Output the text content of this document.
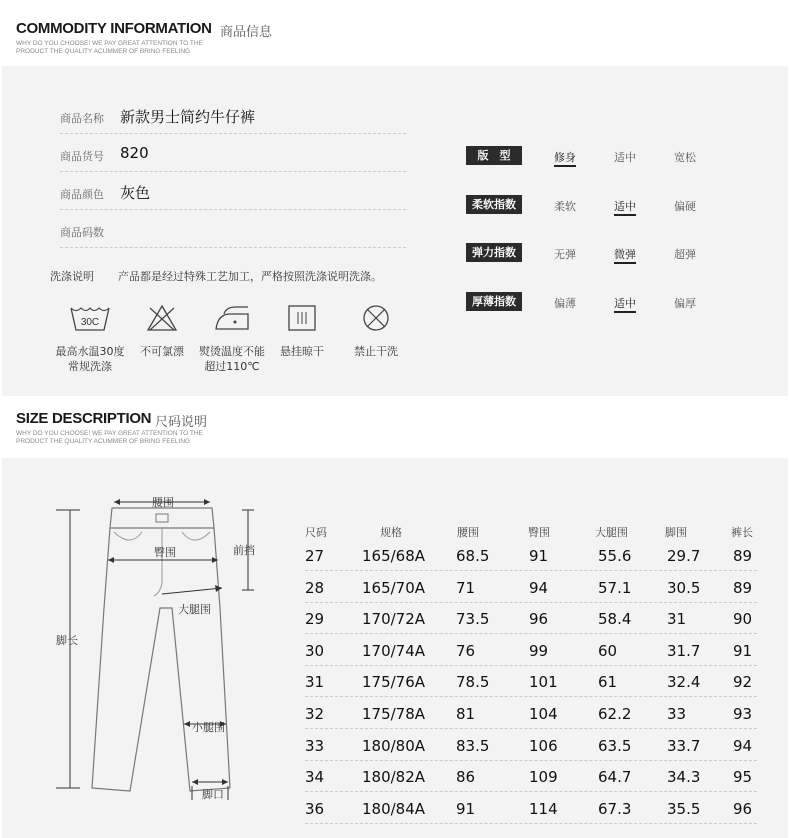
COMMODITY INFORMATION 商品信息
WHY DO YOU CHOOSE! WE PAY GREAT ATTENTION TO THE
PRODUCT THE QUALITY ACUMMER OF BRING FEELING
商品名称 新款男士简约牛仔裤
商品货号 820
商品颜色 灰色
商品码数
洗涤说明 产品都是经过特殊工艺加工，严格按照洗涤说明洗涤。
30C
最高水温30度
常规洗涤
不可氯漂	熨烫温度不能
超过110℃
悬挂晾干	禁止干洗
版　型	修身	适中	宽松
柔软指数	柔软	适中	偏硬
弹力指数	无弹	微弹	超弹
厚薄指数	偏薄	适中	偏厚
SIZE DESCRIPTION 尺码说明
WHY DO YOU CHOOSE! WE PAY GREAT ATTENTION TO THE
PRODUCT THE QUALITY ACUMMER OF BRING FEELING
腰围
臀围	前挡
大腿围
脚长
小腿围
脚口
尺码	规格	腰围	臀围	大腿围	脚围	裤长
27	165/68A 68.5	91	55.6 29.7 89
28	165/70A 71	94	57.1 30.5 89
29	170/72A 73.5	96	58.4 31	90
30	170/74A 76	99	60	31.7 91
31	175/76A 78.5	101	61	32.4 92
32	175/78A 81	104	62.2 33	93
33	180/80A 83.5	106	63.5 33.7 94
34	180/82A 86	109	64.7 34.3 95
36	180/84A 91	114	67.3 35.5 96
